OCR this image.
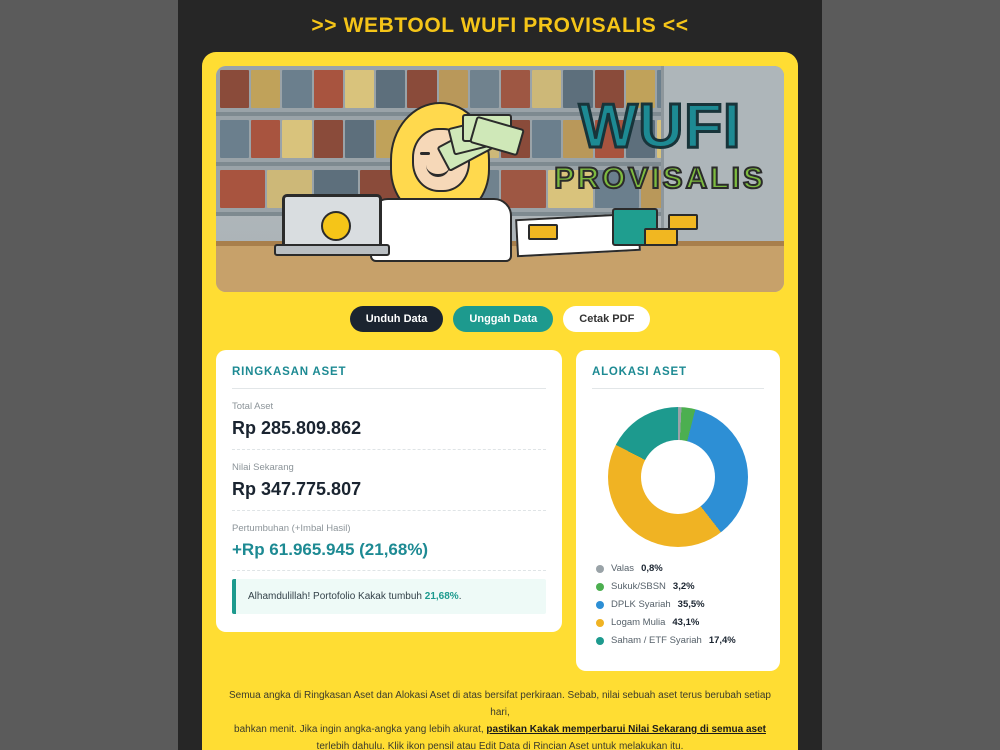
>> WEBTOOL WUFI PROVISALIS <<
WUFI
PROVISALIS
Unduh Data	Unggah Data	Cetak PDF
RINGKASAN ASET
Total Aset
Rp 285.809.862
Nilai Sekarang
Rp 347.775.807
Pertumbuhan (+Imbal Hasil)
+Rp 61.965.945 (21,68%)
Alhamdulillah! Portofolio Kakak tumbuh 21,68%.
ALOKASI ASET
Valas 0,8%
Sukuk/SBSN 3,2%
DPLK Syariah 35,5%
Logam Mulia 43,1%
Saham / ETF Syariah 17,4%
Semua angka di Ringkasan Aset dan Alokasi Aset di atas bersifat perkiraan. Sebab, nilai sebuah aset terus berubah setiap hari,
bahkan menit. Jika ingin angka-angka yang lebih akurat, pastikan Kakak memperbarui Nilai Sekarang di semua aset
terlebih dahulu. Klik ikon pensil atau Edit Data di Rincian Aset untuk melakukan itu.
